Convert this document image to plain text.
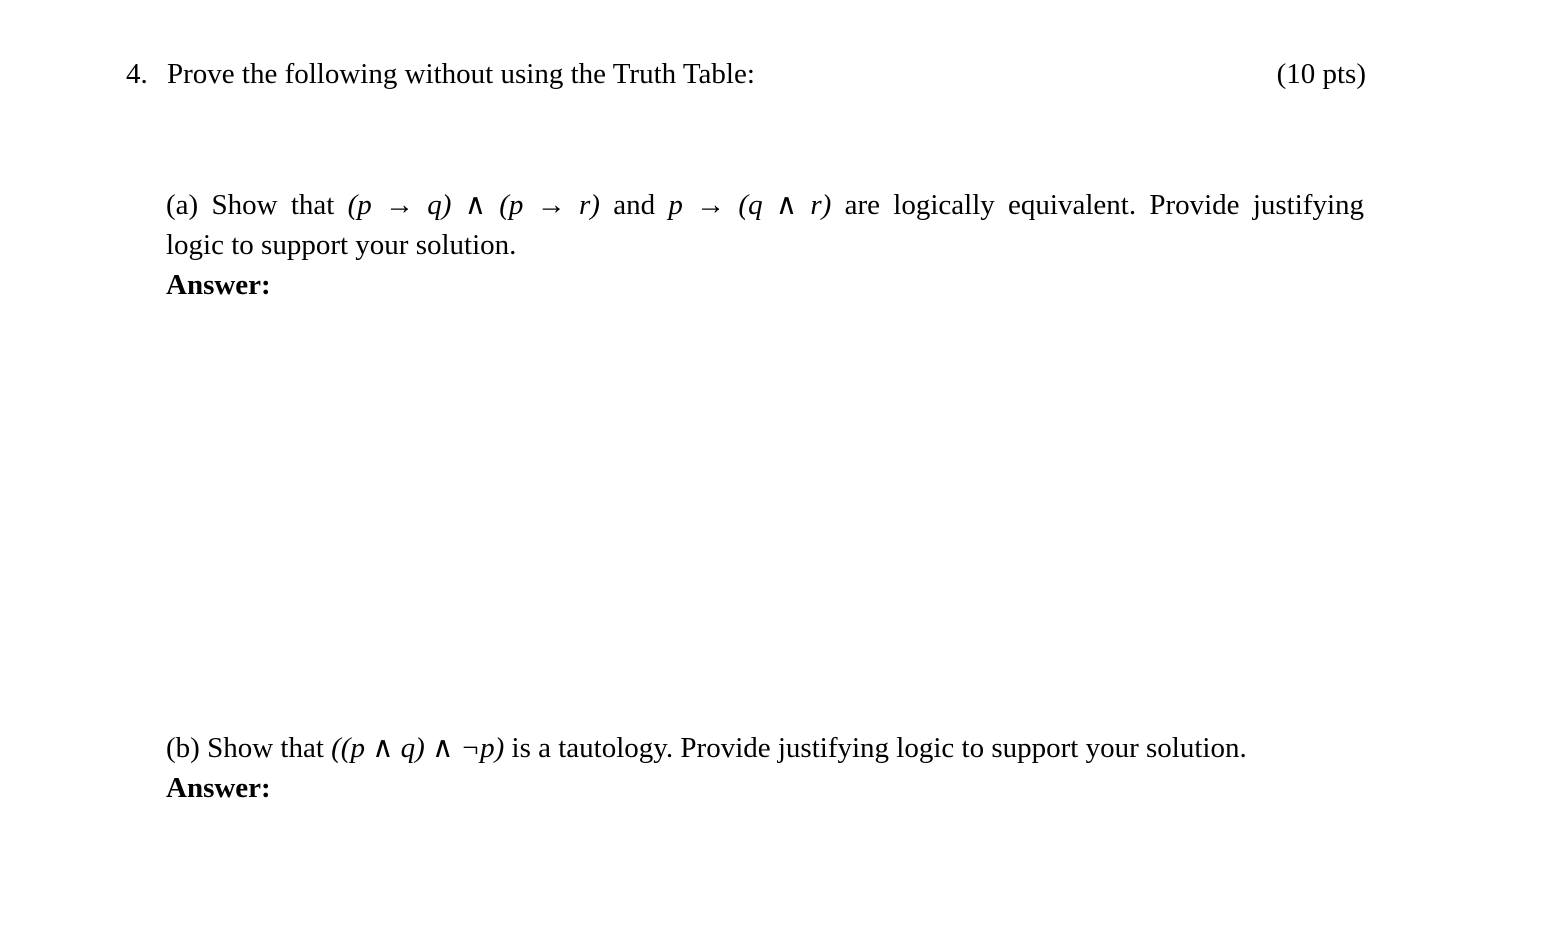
4. Prove the following without using the Truth Table:	(10 pts)
(a) Show that (p → q) ∧ (p → r) and p → (q ∧ r) are logically equivalent. Provide justifying
logic to support your solution.
Answer:
(b) Show that ((p ∧ q) ∧ ¬p) is a tautology. Provide justifying logic to support your solution.
Answer:
